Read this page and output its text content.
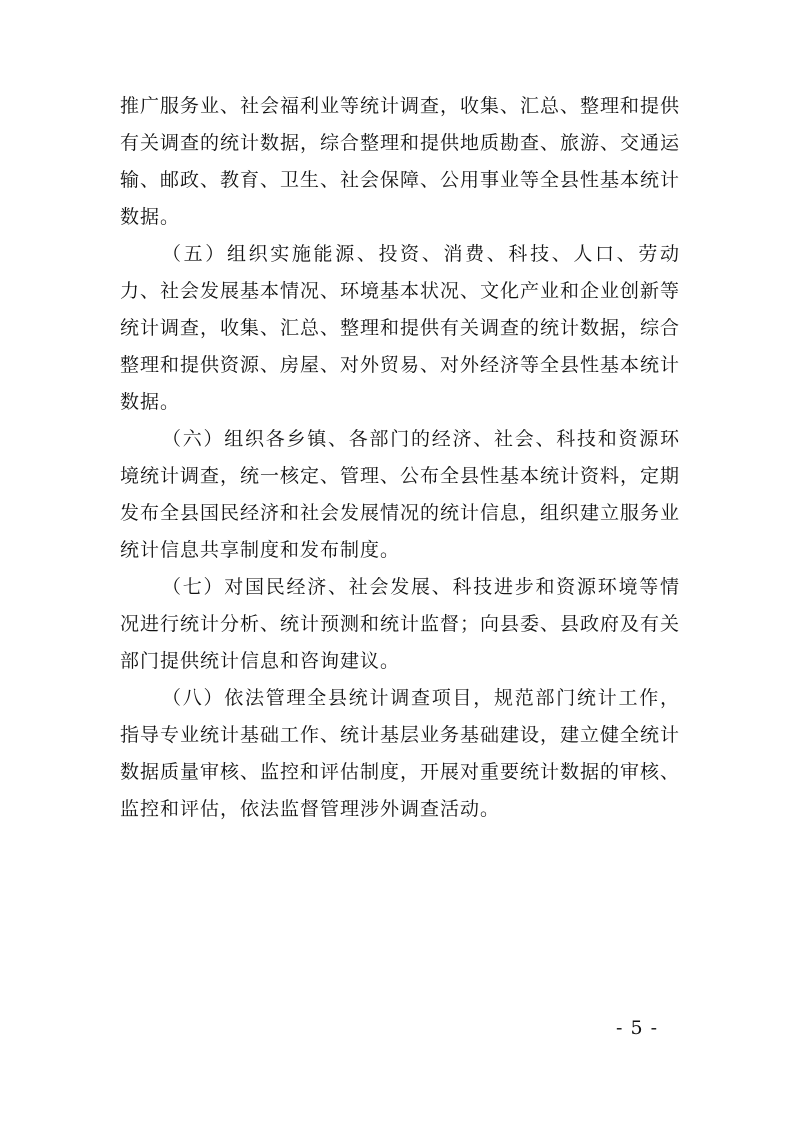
推广服务业、社会福利业等统计调查，收集、汇总、整理和提供有关调查的统计数据，综合整理和提供地质勘查、旅游、交通运输、邮政、教育、卫生、社会保障、公用事业等全县性基本统计数据。

（五）组织实施能源、投资、消费、科技、人口、劳动力、社会发展基本情况、环境基本状况、文化产业和企业创新等统计调查，收集、汇总、整理和提供有关调查的统计数据，综合整理和提供资源、房屋、对外贸易、对外经济等全县性基本统计数据。

（六）组织各乡镇、各部门的经济、社会、科技和资源环境统计调查，统一核定、管理、公布全县性基本统计资料，定期发布全县国民经济和社会发展情况的统计信息，组织建立服务业统计信息共享制度和发布制度。

（七）对国民经济、社会发展、科技进步和资源环境等情况进行统计分析、统计预测和统计监督；向县委、县政府及有关部门提供统计信息和咨询建议。

（八）依法管理全县统计调查项目，规范部门统计工作，指导专业统计基础工作、统计基层业务基础建设，建立健全统计数据质量审核、监控和评估制度，开展对重要统计数据的审核、监控和评估，依法监督管理涉外调查活动。

- 5 -
